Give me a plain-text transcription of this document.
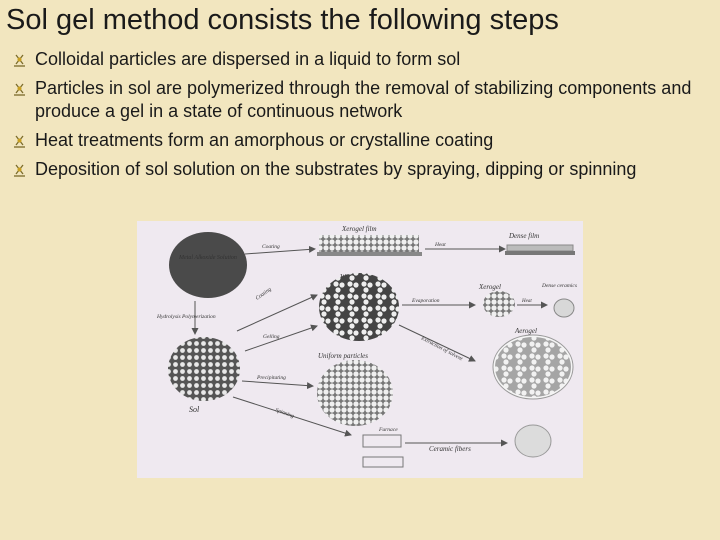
Sol gel method consists the following steps
Colloidal particles are dispersed in a liquid to form sol
Particles in sol are polymerized through the removal of stabilizing components and produce a gel in a state of continuous network
Heat treatments form an amorphous or crystalline coating
Deposition of sol solution on the substrates by spraying, dipping or spinning
Metal Alkoxide Solution
Sol
Hydrolysis Polymerization
Xerogel film
Coating	Heat
Dense film
Coating
Gelling
Evaporation
Xerogel
Heat
Dense ceramics
Extraction of solvent
Aerogel
Uniform particles
Precipitating
Spinning
Furnace
Ceramic fibers
